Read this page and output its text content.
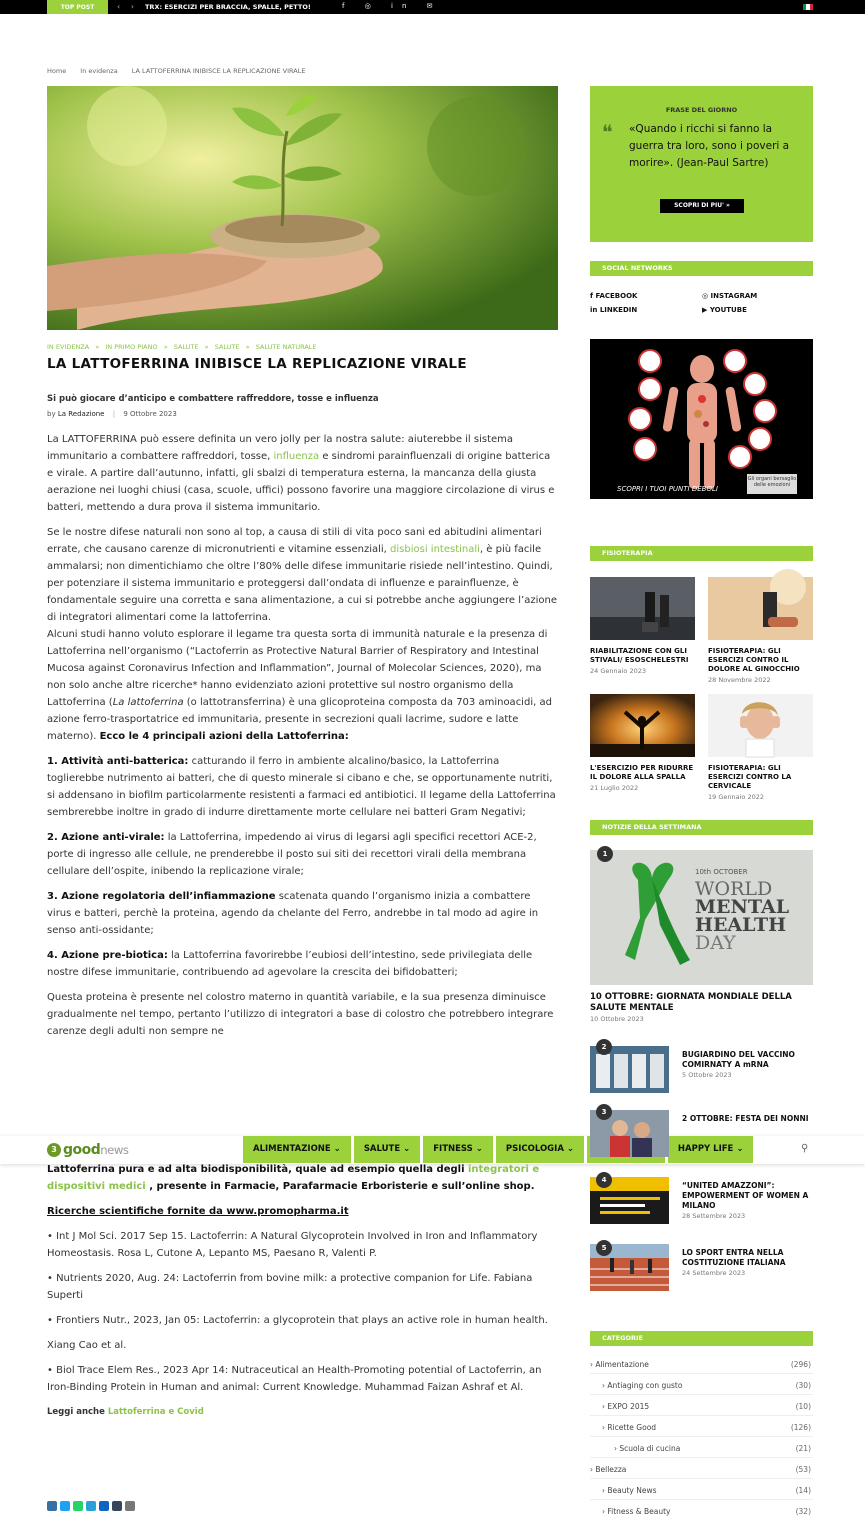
TOP POST	‹ › TRX: ESERCIZI PER BRACCIA, SPALLE, PETTO!	f ◎ in ✉
Home In evidenza LA LATTOFERRINA INIBISCE LA REPLICAZIONE VIRALE
IN EVIDENZA » IN PRIMO PIANO » SALUTE » SALUTE » SALUTE NATURALE
LA LATTOFERRINA INIBISCE LA REPLICAZIONE VIRALE
Si può giocare d’anticipo e combattere raffreddore, tosse e influenza
by La Redazione | 9 Ottobre 2023

La LATTOFERRINA può essere definita un vero jolly per la nostra salute: aiuterebbe il sistema immunitario a combattere raffreddori, tosse, influenza e sindromi parainfluenzali di origine batterica e virale. A partire dall’autunno, infatti, gli sbalzi di temperatura esterna, la mancanza della giusta aerazione nei luoghi chiusi (casa, scuole, uffici) possono favorire una maggiore circolazione di virus e batteri, mettendo a dura prova il sistema immunitario.

Se le nostre difese naturali non sono al top, a causa di stili di vita poco sani ed abitudini alimentari errate, che causano carenze di micronutrienti e vitamine essenziali, disbiosi intestinali, è più facile ammalarsi; non dimentichiamo che oltre l’80% delle difese immunitarie risiede nell’intestino. Quindi, per potenziare il sistema immunitario e proteggersi dall’ondata di influenze e parainfluenze, è fondamentale seguire una corretta e sana alimentazione, a cui si potrebbe anche aggiungere l’azione di integratori alimentari come la lattoferrina.

Alcuni studi hanno voluto esplorare il legame tra questa sorta di immunità naturale e la presenza di Lattoferrina nell’organismo (“Lactoferrin as Protective Natural Barrier of Respiratory and Intestinal Mucosa against Coronavirus Infection and Inflammation”, Journal of Molecolar Sciences, 2020), ma non solo anche altre ricerche* hanno evidenziato azioni protettive sul nostro organismo della Lattoferrina (La lattoferrina (o lattotransferrina) è una glicoproteina composta da 703 aminoacidi, ad azione ferro-trasportatrice ed immunitaria, presente in secrezioni quali lacrime, sudore e latte materno). Ecco le 4 principali azioni della Lattoferrina:

1. Attività anti-batterica: catturando il ferro in ambiente alcalino/basico, la Lattoferrina toglierebbe nutrimento ai batteri, che di questo minerale si cibano e che, se opportunamente nutriti, si addensano in biofilm particolarmente resistenti a farmaci ed antibiotici. Il legame della Lattoferrina sembrerebbe inoltre in grado di indurre direttamente morte cellulare nei batteri Gram Negativi;

2. Azione anti-virale: la Lattoferrina, impedendo ai virus di legarsi agli specifici recettori ACE-2, porte di ingresso alle cellule, ne prenderebbe il posto sui siti dei recettori virali della membrana cellulare dell’ospite, inibendo la replicazione virale;

3. Azione regolatoria dell’infiammazione scatenata quando l’organismo inizia a combattere virus e batteri, perchè la proteina, agendo da chelante del Ferro, andrebbe in tal modo ad agire in senso anti-ossidante;

4. Azione pre-biotica: la Lattoferrina favorirebbe l’eubiosi dell’intestino, sede privilegiata delle nostre difese immunitarie, contribuendo ad agevolare la crescita dei bifidobatteri;

Questa proteina è presente nel colostro materno in quantità variabile, e la sua presenza diminuisce gradualmente nel tempo, pertanto l’utilizzo di integratori a base di colostro che potrebbero integrare carenze degli adulti non sempre ne

3 goodnews	ALIMENTAZIONE ⌄	SALUTE ⌄	FITNESS ⌄	PSICOLOGIA ⌄	HAPPY LIFE ⌄	⚲

Lattoferrina pura e ad alta biodisponibilità, quale ad esempio quella degli integratori e dispositivi medici , presente in Farmacie, Parafarmacie Erboristerie e sull’online shop.

Ricerche scientifiche fornite da www.promopharma.it

• Int J Mol Sci. 2017 Sep 15. Lactoferrin: A Natural Glycoprotein Involved in Iron and Inflammatory Homeostasis. Rosa L, Cutone A, Lepanto MS, Paesano R, Valenti P.

• Nutrients 2020, Aug. 24: Lactoferrin from bovine milk: a protective companion for Life. Fabiana Superti

• Frontiers Nutr., 2023, Jan 05: Lactoferrin: a glycoprotein that plays an active role in human health.

Xiang Cao et al.

• Biol Trace Elem Res., 2023 Apr 14: Nutraceutical an Health-Promoting potential of Lactoferrin, an Iron-Binding Protein in Human and animal: Current Knowledge. Muhammad Faizan Ashraf et Al.

Leggi anche Lattoferrina e Covid

FRASE DEL GIORNO
❝ «Quando i ricchi si fanno la guerra tra loro, sono i poveri a morire». (Jean-Paul Sartre)
SCOPRI DI PIU' »
SOCIAL NETWORKS
f FACEBOOK	◎ INSTAGRAM
in LINKEDIN	▶ YOUTUBE
SCOPRI I TUOI PUNTI DEBOLI
Gli organi bersaglio delle emozioni
FISIOTERAPIA
RIABILITAZIONE CON GLI STIVALI/ ESOSCHELESTRI
24 Gennaio 2023
FISIOTERAPIA: GLI ESERCIZI CONTRO IL DOLORE AL GINOCCHIO
28 Novembre 2022
L'ESERCIZIO PER RIDURRE IL DOLORE ALLA SPALLA
21 Luglio 2022
FISIOTERAPIA: GLI ESERCIZI CONTRO LA CERVICALE
19 Gennaio 2022
NOTIZIE DELLA SETTIMANA
10th OCTOBER
WORLD
MENTAL
HEALTH
DAY
1
10 OTTOBRE: GIORNATA MONDIALE DELLA SALUTE MENTALE
10 Ottobre 2023
BUGIARDINO DEL VACCINO COMIRNATY A mRNA
5 Ottobre 2023
2
2 OTTOBRE: FESTA DEI NONNI
3
“UNITED AMAZZONI”: EMPOWERMENT OF WOMEN A MILANO
28 Settembre 2023
4
LO SPORT ENTRA NELLA COSTITUZIONE ITALIANA
24 Settembre 2023
5
CATEGORIE
› Alimentazione	(296)
› Antiaging con gusto	(30)
› EXPO 2015	(10)
› Ricette Good	(126)
› Scuola di cucina	(21)
› Bellezza	(53)
› Beauty News	(14)
› Fitness & Beauty	(32)
